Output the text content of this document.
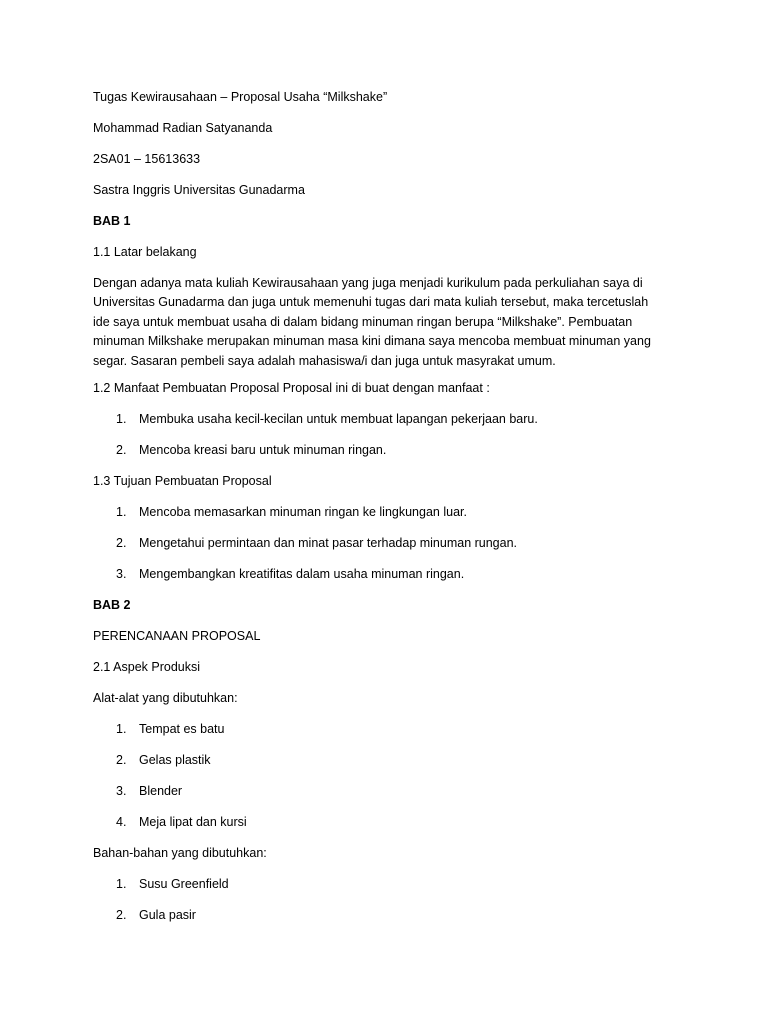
Tugas Kewirausahaan – Proposal Usaha “Milkshake”
Mohammad Radian Satyananda
2SA01 – 15613633
Sastra Inggris Universitas Gunadarma
BAB 1
1.1 Latar belakang
Dengan adanya mata kuliah Kewirausahaan yang juga menjadi kurikulum pada perkuliahan saya di
Universitas Gunadarma dan juga untuk memenuhi tugas dari mata kuliah tersebut, maka tercetuslah
ide saya untuk membuat usaha di dalam bidang minuman ringan berupa “Milkshake”. Pembuatan
minuman Milkshake merupakan minuman masa kini dimana saya mencoba membuat minuman yang
segar. Sasaran pembeli saya adalah mahasiswa/i dan juga untuk masyrakat umum.
1.2 Manfaat Pembuatan Proposal Proposal ini di buat dengan manfaat :
1. Membuka usaha kecil-kecilan untuk membuat lapangan pekerjaan baru.
2. Mencoba kreasi baru untuk minuman ringan.
1.3 Tujuan Pembuatan Proposal
1. Mencoba memasarkan minuman ringan ke lingkungan luar.
2. Mengetahui permintaan dan minat pasar terhadap minuman rungan.
3. Mengembangkan kreatifitas dalam usaha minuman ringan.
BAB 2
PERENCANAAN PROPOSAL
2.1 Aspek Produksi
Alat-alat yang dibutuhkan:
1. Tempat es batu
2. Gelas plastik
3. Blender
4. Meja lipat dan kursi
Bahan-bahan yang dibutuhkan:
1. Susu Greenfield
2. Gula pasir
